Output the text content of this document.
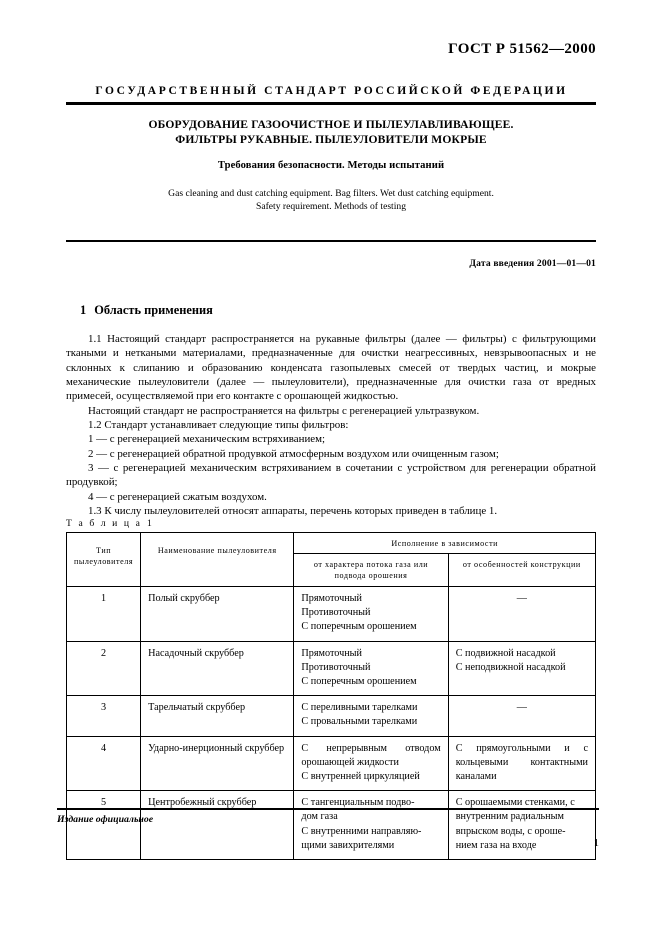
ГОСТ Р 51562—2000
ГОСУДАРСТВЕННЫЙ СТАНДАРТ РОССИЙСКОЙ ФЕДЕРАЦИИ
ОБОРУДОВАНИЕ ГАЗООЧИСТНОЕ И ПЫЛЕУЛАВЛИВАЮЩЕЕ.
ФИЛЬТРЫ РУКАВНЫЕ. ПЫЛЕУЛОВИТЕЛИ МОКРЫЕ
Требования безопасности. Методы испытаний
Gas cleaning and dust catching equipment. Bag filters. Wet dust catching equipment.
Safety requirement. Methods of testing
Дата введения 2001—01—01
1 Область применения

1.1 Настоящий стандарт распространяется на рукавные фильтры (далее — фильтры) с фильтрующими ткаными и неткаными материалами, предназначенные для очистки неагрессивных, невзрывоопасных и не склонных к слипанию и образованию конденсата газопылевых смесей от твердых частиц, и мокрые механические пылеуловители (далее — пылеуловители), предназначенные для очистки газа от вредных примесей, осуществляемой при его контакте с орошающей жидкостью.

Настоящий стандарт не распространяется на фильтры с регенерацией ультразвуком.

1.2 Стандарт устанавливает следующие типы фильтров:

1 — с регенерацией механическим встряхиванием;

2 — с регенерацией обратной продувкой атмосферным воздухом или очищенным газом;

3 — с регенерацией механическим встряхиванием в сочетании с устройством для регенерации обратной продувкой;

4 — с регенерацией сжатым воздухом.

1.3 К числу пылеуловителей относят аппараты, перечень которых приведен в таблице 1.

Т а б л и ц а 1
Тип
пылеуловителя	Наименование пылеуловителя	Исполнение в зависимости	

		от характера потока газа или
подвода орошения	от особенностей конструкции

1	Полый скруббер	Прямоточный
Противоточный
С поперечным орошением	—

2	Насадочный скруббер	Прямоточный
Противоточный
С поперечным орошением	С подвижной насадкой
С неподвижной насадкой

3	Тарельчатый скруббер	С переливными тарелками
С провальными тарелками	—

4	Ударно-инерционный скруббер	С непрерывным отводом
орошающей жидкости
С внутренней циркуляцией	С прямоугольными и с
кольцевыми контактными
каналами

5	Центробежный скруббер	С тангенциальным подво-
дом газа
С внутренними направляю-
щими завихрителями	С орошаемыми стенками, с
внутренним радиальным
впрыском воды, с ороше-
нием газа на входе
Издание официальное
1
